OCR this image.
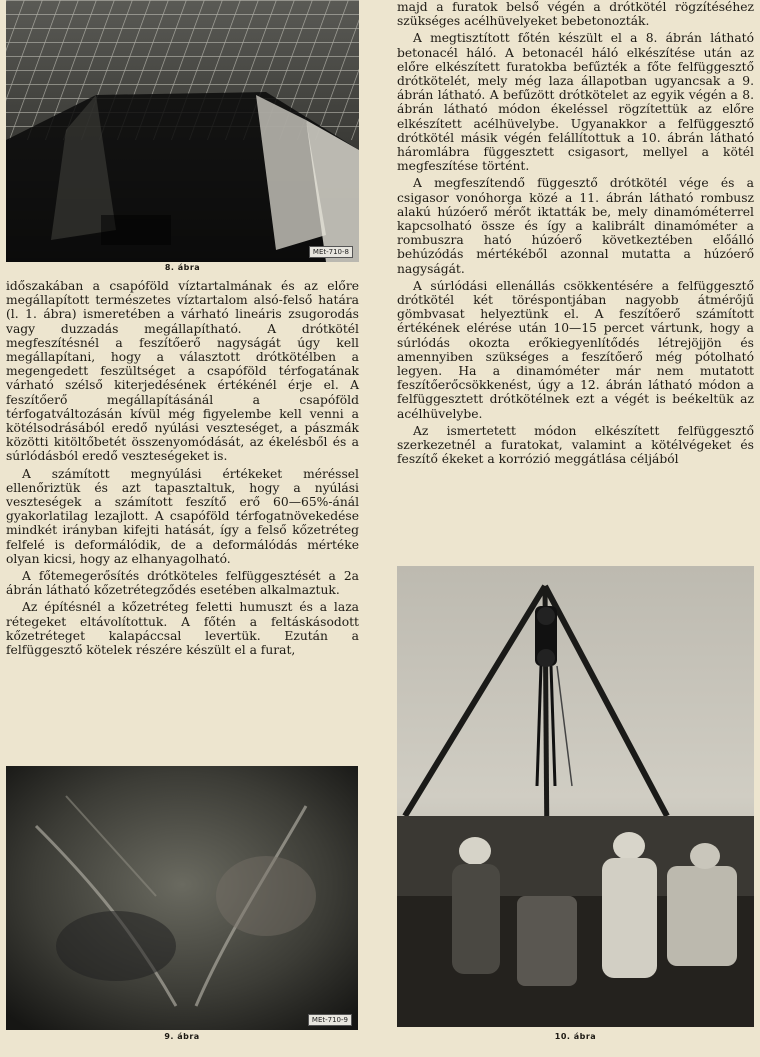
MEt-710-8
8. ábra

időszakában a csapóföld víztartalmának és az előre megállapított természetes víztartalom alsó-felső határa (l. 1. ábra) ismeretében a várható lineáris zsugorodás vagy duzzadás megállapítható. A drótkötél megfeszítésnél a feszítőerő nagyságát úgy kell megállapítani, hogy a választott drótkötélben a megengedett feszültséget a csapóföld térfogatának várható szélső kiterjedésének értékénél érje el. A feszítőerő megállapításánál a csapóföld térfogatváltozásán kívül még figyelembe kell venni a kötélsodrásából eredő nyúlási veszteséget, a pászmák közötti kitöltőbetét összenyomódását, az ékelésből és a súrlódásból eredő veszteségeket is.

A számított megnyúlási értékeket méréssel ellenőriztük és azt tapasztaltuk, hogy a nyúlási veszteségek a számított feszítő erő 60—65%-ánál gyakorlatilag lezajlott. A csapóföld térfogatnövekedése mindkét irányban kifejti hatását, így a felső kőzetréteg felfelé is deformálódik, de a deformálódás mértéke olyan kicsi, hogy az elhanyagolható.

A főtemegerősítés drótköteles felfüggesztését a 2a ábrán látható kőzetrétegződés esetében alkalmaztuk.

Az építésnél a kőzetréteg feletti humuszt és a laza rétegeket eltávolítottuk. A főtén a feltáskásodott kőzetréteget kalapáccsal levertük. Ezután a felfüggesztő kötelek részére készült el a furat,

MEt-710-9
9. ábra

majd a furatok belső végén a drótkötél rögzítéséhez szükséges acélhüvelyeket bebetonozták.

A megtisztított főtén készült el a 8. ábrán látható betonacél háló. A betonacél háló elkészítése után az előre elkészített furatokba befűzték a főte felfüggesztő drótkötelét, mely még laza állapotban ugyancsak a 9. ábrán látható. A befűzött drótkötelet az egyik végén a 8. ábrán látható módon ékeléssel rögzítettük az előre elkészített acélhüvelybe. Ugyanakkor a felfüggesztő drótkötél másik végén felállítottuk a 10. ábrán látható háromlábra függesztett csigasort, mellyel a kötél megfeszítése történt.

A megfeszítendő függesztő drótkötél vége és a csigasor vonóhorga közé a 11. ábrán látható rombusz alakú húzóerő mérőt iktatták be, mely dinamóméterrel kapcsolható össze és így a kalibrált dinamóméter a rombuszra ható húzóerő következtében előálló behúzódás mértékéből azonnal mutatta a húzóerő nagyságát.

A súrlódási ellenállás csökkentésére a felfüggesztő drótkötél két töréspontjában nagyobb átmérőjű gömbvasat helyeztünk el. A feszítőerő számított értékének elérése után 10—15 percet vártunk, hogy a súrlódás okozta erőkiegyenlítődés létrejöjjön és amennyiben szükséges a feszítőerő még pótolható legyen. Ha a dinamóméter már nem mutatott feszítőerőcsökkenést, úgy a 12. ábrán látható módon a felfüggesztett drótkötélnek ezt a végét is beékeltük az acélhüvelybe.

Az ismertetett módon elkészített felfüggesztő szerkezetnél a furatokat, valamint a kötélvégeket és feszítő ékeket a korrózió meggátlása céljából

10. ábra
